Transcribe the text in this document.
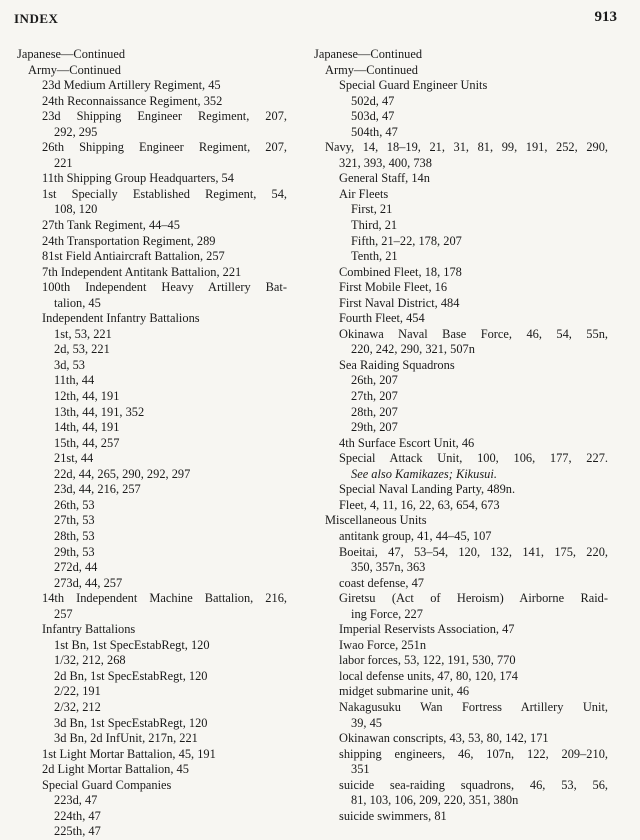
INDEX	913
Japanese—Continued
Army—Continued
23d Medium Artillery Regiment, 45
24th Reconnaissance Regiment, 352
23d Shipping Engineer Regiment, 207,
292, 295
26th Shipping Engineer Regiment, 207,
221
11th Shipping Group Headquarters, 54
1st Specially Established Regiment, 54,
108, 120
27th Tank Regiment, 44–45
24th Transportation Regiment, 289
81st Field Antiaircraft Battalion, 257
7th Independent Antitank Battalion, 221
100th Independent Heavy Artillery Bat-
talion, 45
Independent Infantry Battalions
1st, 53, 221
2d, 53, 221
3d, 53
11th, 44
12th, 44, 191
13th, 44, 191, 352
14th, 44, 191
15th, 44, 257
21st, 44
22d, 44, 265, 290, 292, 297
23d, 44, 216, 257
26th, 53
27th, 53
28th, 53
29th, 53
272d, 44
273d, 44, 257
14th Independent Machine Battalion, 216,
257
Infantry Battalions
1st Bn, 1st SpecEstabRegt, 120
1/32, 212, 268
2d Bn, 1st SpecEstabRegt, 120
2/22, 191
2/32, 212
3d Bn, 1st SpecEstabRegt, 120
3d Bn, 2d InfUnit, 217n, 221
1st Light Mortar Battalion, 45, 191
2d Light Mortar Battalion, 45
Special Guard Companies
223d, 47
224th, 47
225th, 47
Japanese—Continued
Army—Continued
Special Guard Engineer Units
502d, 47
503d, 47
504th, 47
Navy, 14, 18–19, 21, 31, 81, 99, 191, 252, 290,
321, 393, 400, 738
General Staff, 14n
Air Fleets
First, 21
Third, 21
Fifth, 21–22, 178, 207
Tenth, 21
Combined Fleet, 18, 178
First Mobile Fleet, 16
First Naval District, 484
Fourth Fleet, 454
Okinawa Naval Base Force, 46, 54, 55n,
220, 242, 290, 321, 507n
Sea Raiding Squadrons
26th, 207
27th, 207
28th, 207
29th, 207
4th Surface Escort Unit, 46
Special Attack Unit, 100, 106, 177, 227.
See also Kamikazes; Kikusui.
Special Naval Landing Party, 489n.
Fleet, 4, 11, 16, 22, 63, 654, 673
Miscellaneous Units
antitank group, 41, 44–45, 107
Boeitai, 47, 53–54, 120, 132, 141, 175, 220,
350, 357n, 363
coast defense, 47
Giretsu (Act of Heroism) Airborne Raid-
ing Force, 227
Imperial Reservists Association, 47
Iwao Force, 251n
labor forces, 53, 122, 191, 530, 770
local defense units, 47, 80, 120, 174
midget submarine unit, 46
Nakagusuku Wan Fortress Artillery Unit,
39, 45
Okinawan conscripts, 43, 53, 80, 142, 171
shipping engineers, 46, 107n, 122, 209–210,
351
suicide sea-raiding squadrons, 46, 53, 56,
81, 103, 106, 209, 220, 351, 380n
suicide swimmers, 81
